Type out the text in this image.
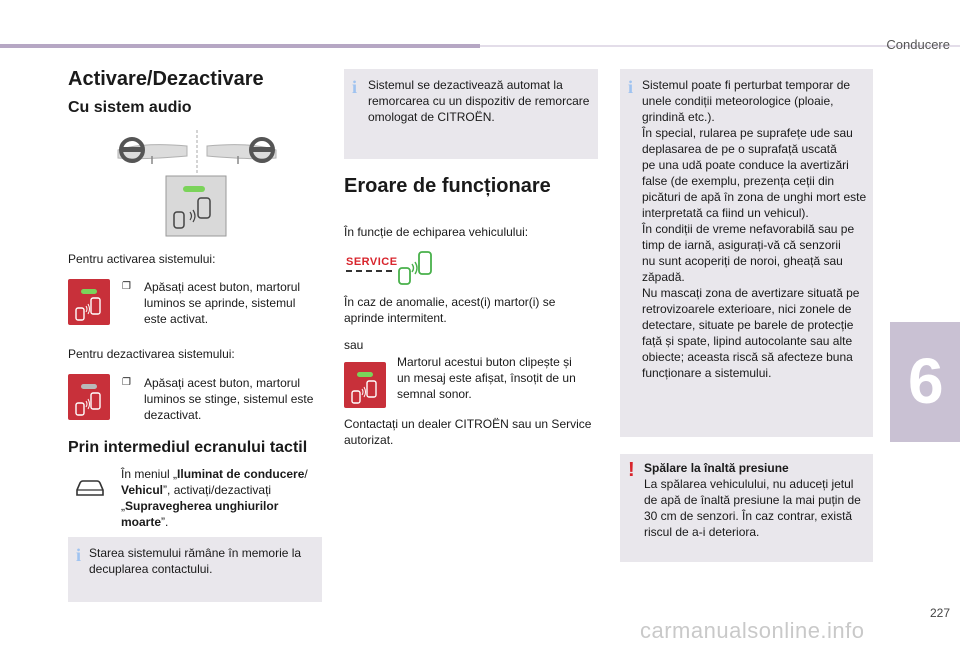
Conducere
Activare/Dezactivare
Cu sistem audio
Pentru activarea sistemului:
❐ Apăsați acest buton, martorul
luminos se aprinde, sistemul
este activat.
Pentru dezactivarea sistemului:
❐ Apăsați acest buton, martorul
luminos se stinge, sistemul este
dezactivat.
Prin intermediul ecranului tactil
În meniul „Iluminat de conducere/
Vehicul”, activați/dezactivați
„Supravegherea unghiurilor
moarte”.
i Starea sistemului rămâne în memorie la
decuplarea contactului.
i Sistemul se dezactivează automat la
remorcarea cu un dispozitiv de remorcare
omologat de CITROËN.
Eroare de funcționare
În funcție de echiparea vehiculului:
SERVICE
În caz de anomalie, acest(i) martor(i) se
aprinde intermitent.
sau
Martorul acestui buton clipește și
un mesaj este afișat, însoțit de un
semnal sonor.
Contactați un dealer CITROËN sau un Service
autorizat.
i Sistemul poate fi perturbat temporar de
unele condiții meteorologice (ploaie,
grindină etc.).
În special, rularea pe suprafețe ude sau
deplasarea de pe o suprafață uscată
pe una udă poate conduce la avertizări
false (de exemplu, prezența ceții din
picături de apă în zona de unghi mort este
interpretată ca fiind un vehicul).
În condiții de vreme nefavorabilă sau pe
timp de iarnă, asigurați-vă că senzorii
nu sunt acoperiți de noroi, gheață sau
zăpadă.
Nu mascați zona de avertizare situată pe
retrovizoarele exterioare, nici zonele de
detectare, situate pe barele de protecție
față și spate, lipind autocolante sau alte
obiecte; aceasta riscă să afecteze buna
funcționare a sistemului.
! Spălare la înaltă presiune
La spălarea vehiculului, nu aduceți jetul
de apă de înaltă presiune la mai puțin de
30 cm de senzori. În caz contrar, există
riscul de a-i deteriora.
6
227
carmanualsonline.info
